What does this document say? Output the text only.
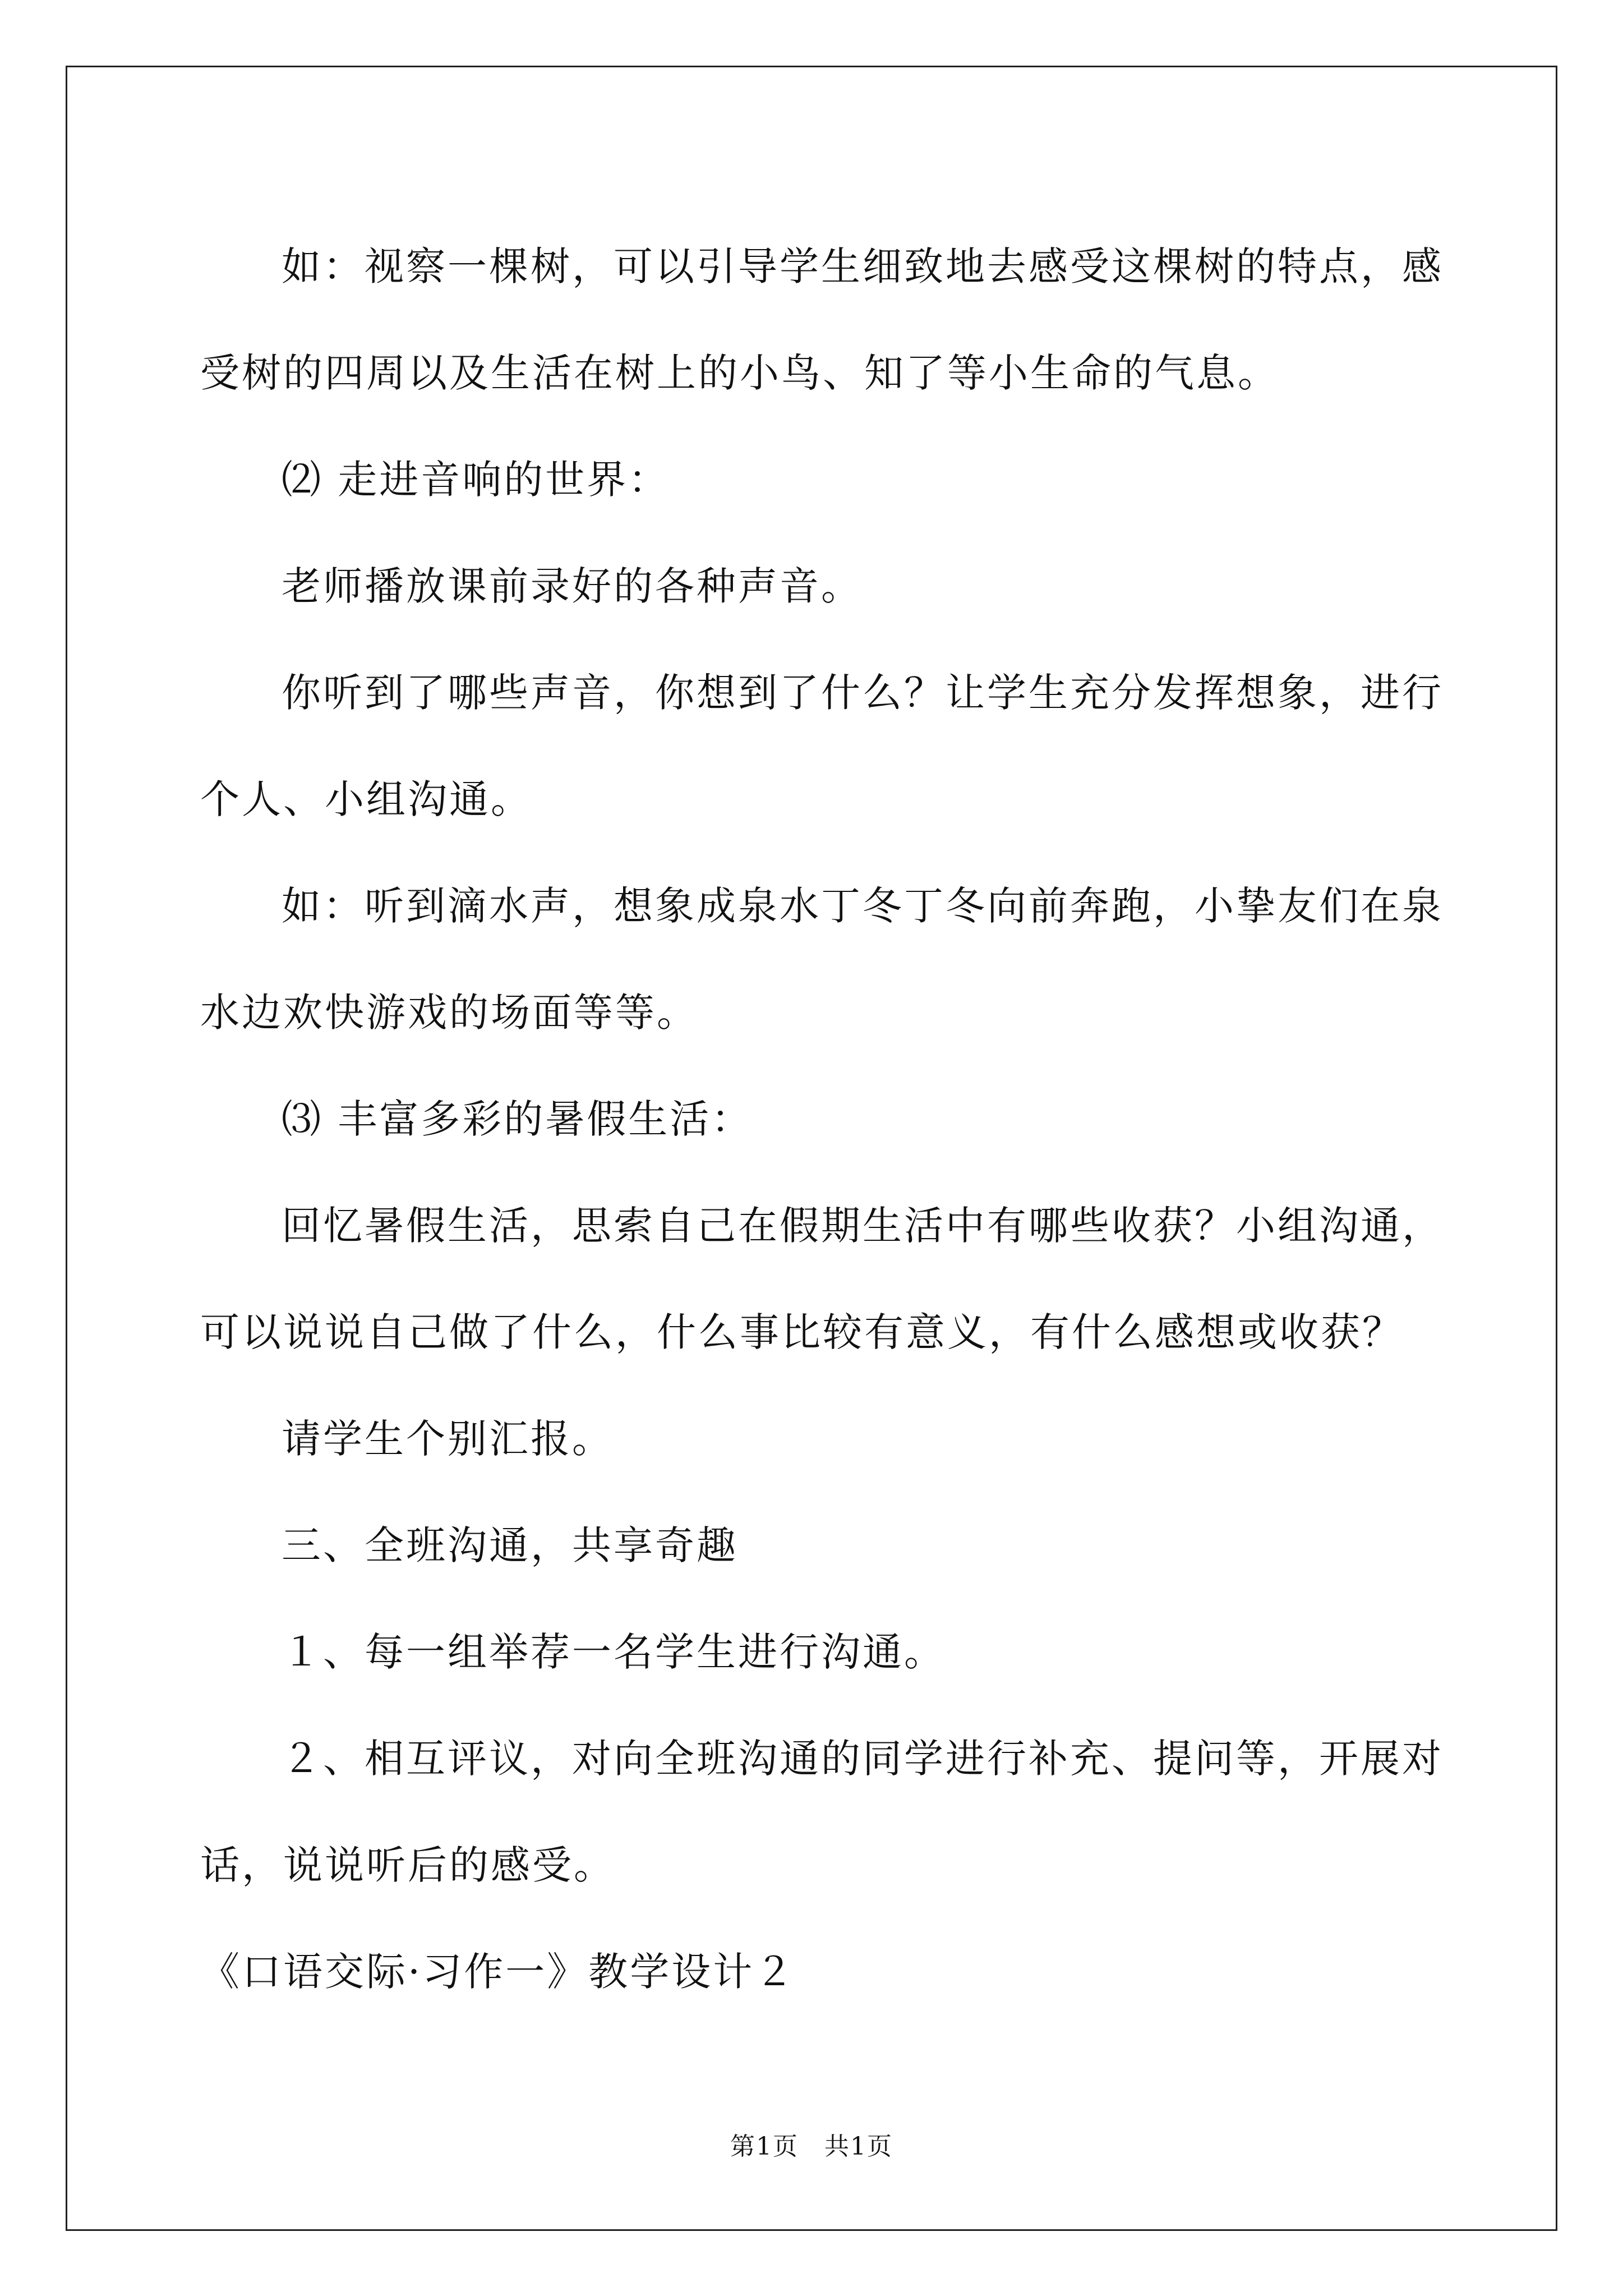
如：视察一棵树，可以引导学生细致地去感受这棵树的特点，感

受树的四周以及生活在树上的小鸟、知了等小生命的气息。

⑵ 走进音响的世界：

老师播放课前录好的各种声音。

你听到了哪些声音，你想到了什么？让学生充分发挥想象，进行

个人、小组沟通。

如：听到滴水声，想象成泉水丁冬丁冬向前奔跑，小挚友们在泉

水边欢快游戏的场面等等。

⑶ 丰富多彩的暑假生活：

回忆暑假生活，思索自己在假期生活中有哪些收获？小组沟通，

可以说说自己做了什么，什么事比较有意义，有什么感想或收获？

请学生个别汇报。

三、全班沟通，共享奇趣

１、每一组举荐一名学生进行沟通。

２、相互评议，对向全班沟通的同学进行补充、提问等，开展对

话，说说听后的感受。

《口语交际·习作一》教学设计２

第1页　共1页
